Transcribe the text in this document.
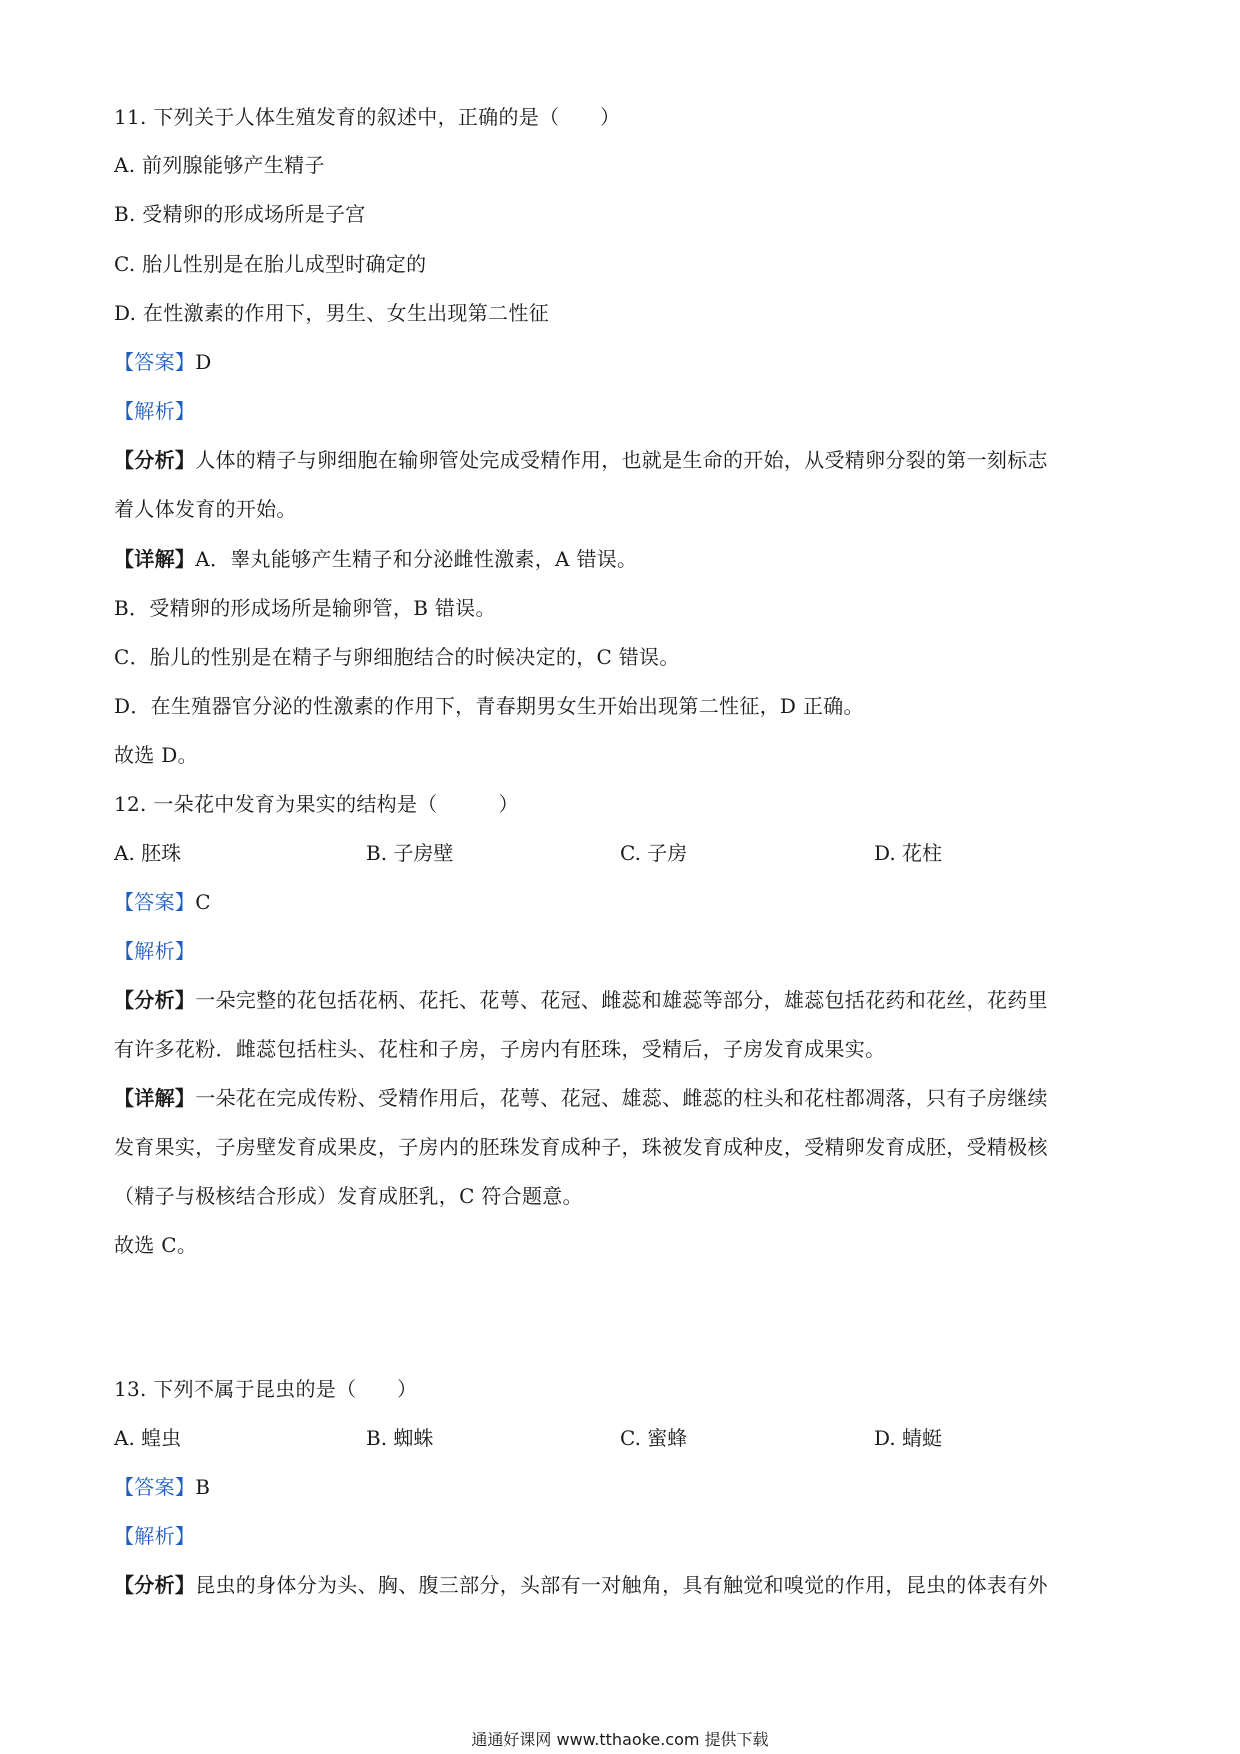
11. 下列关于人体生殖发育的叙述中，正确的是（　　）
A. 前列腺能够产生精子
B. 受精卵的形成场所是子宫
C. 胎儿性别是在胎儿成型时确定的
D. 在性激素的作用下，男生、女生出现第二性征
【答案】D
【解析】
【分析】人体的精子与卵细胞在输卵管处完成受精作用，也就是生命的开始，从受精卵分裂的第一刻标志
着人体发育的开始。
【详解】A．睾丸能够产生精子和分泌雌性激素，A 错误。
B．受精卵的形成场所是输卵管，B 错误。
C．胎儿的性别是在精子与卵细胞结合的时候决定的，C 错误。
D．在生殖器官分泌的性激素的作用下，青春期男女生开始出现第二性征，D 正确。
故选 D。
12. 一朵花中发育为果实的结构是（　　　）
A. 胚珠	B. 子房壁	C. 子房	D. 花柱
【答案】C
【解析】
【分析】一朵完整的花包括花柄、花托、花萼、花冠、雌蕊和雄蕊等部分，雄蕊包括花药和花丝，花药里
有许多花粉．雌蕊包括柱头、花柱和子房，子房内有胚珠，受精后，子房发育成果实。
【详解】一朵花在完成传粉、受精作用后，花萼、花冠、雄蕊、雌蕊的柱头和花柱都凋落，只有子房继续
发育果实，子房壁发育成果皮，子房内的胚珠发育成种子，珠被发育成种皮，受精卵发育成胚，受精极核
（精子与极核结合形成）发育成胚乳，C 符合题意。
故选 C。
13. 下列不属于昆虫的是（　　）
A. 蝗虫	B. 蜘蛛	C. 蜜蜂	D. 蜻蜓
【答案】B
【解析】
【分析】昆虫的身体分为头、胸、腹三部分，头部有一对触角，具有触觉和嗅觉的作用，昆虫的体表有外
通通好课网 www.tthaoke.com 提供下载
